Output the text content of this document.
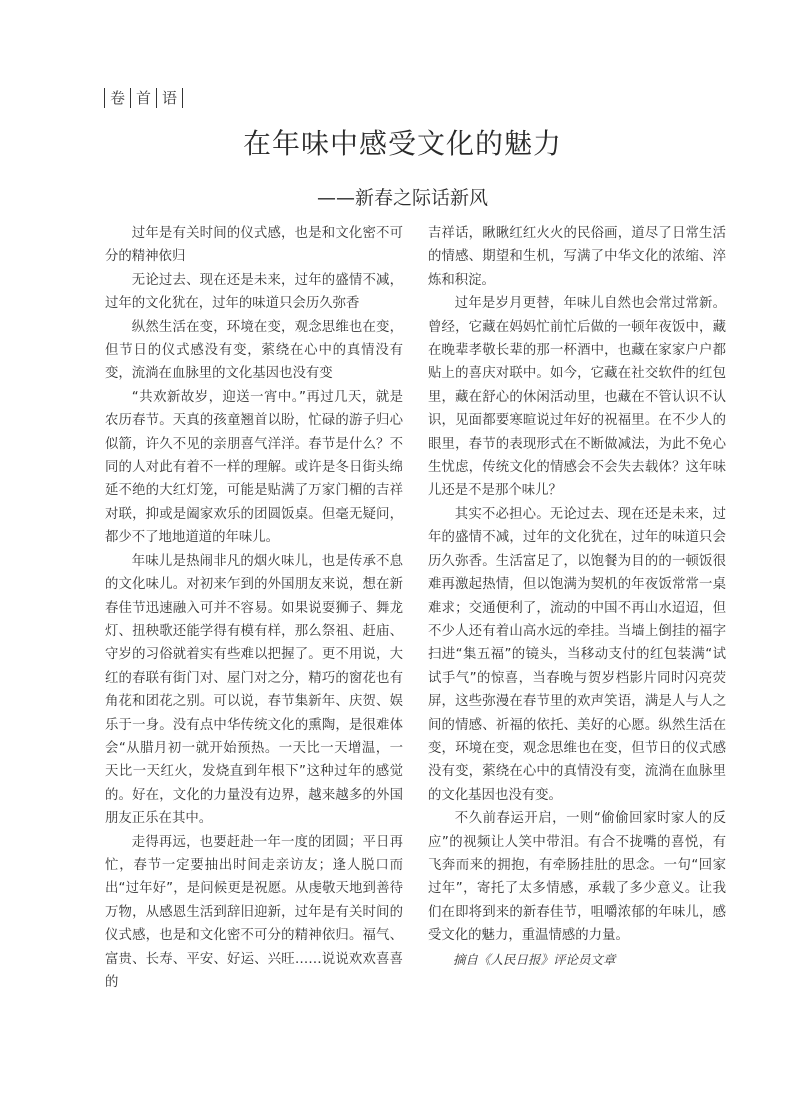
卷 首 语
在年味中感受文化的魅力
——新春之际话新风

过年是有关时间的仪式感，也是和文化密不可分的精神依归

无论过去、现在还是未来，过年的盛情不减，过年的文化犹在，过年的味道只会历久弥香

纵然生活在变，环境在变，观念思维也在变，但节日的仪式感没有变，萦绕在心中的真情没有变，流淌在血脉里的文化基因也没有变

“共欢新故岁，迎送一宵中。”再过几天，就是农历春节。天真的孩童翘首以盼，忙碌的游子归心似箭，许久不见的亲朋喜气洋洋。春节是什么？不同的人对此有着不一样的理解。或许是冬日街头绵延不绝的大红灯笼，可能是贴满了万家门楣的吉祥对联，抑或是阖家欢乐的团圆饭桌。但毫无疑问，都少不了地地道道的年味儿。

年味儿是热闹非凡的烟火味儿，也是传承不息的文化味儿。对初来乍到的外国朋友来说，想在新春佳节迅速融入可并不容易。如果说耍狮子、舞龙灯、扭秧歌还能学得有模有样，那么祭祖、赶庙、守岁的习俗就着实有些难以把握了。更不用说，大红的春联有街门对、屋门对之分，精巧的窗花也有角花和团花之别。可以说，春节集新年、庆贺、娱乐于一身。没有点中华传统文化的熏陶，是很难体会“从腊月初一就开始预热。一天比一天增温，一天比一天红火，发烧直到年根下”这种过年的感觉的。好在，文化的力量没有边界，越来越多的外国朋友正乐在其中。

走得再远，也要赶赴一年一度的团圆；平日再忙，春节一定要抽出时间走亲访友；逢人脱口而出“过年好”，是问候更是祝愿。从虔敬天地到善待万物，从感恩生活到辞旧迎新，过年是有关时间的仪式感，也是和文化密不可分的精神依归。福气、富贵、长寿、平安、好运、兴旺……说说欢欢喜喜的

吉祥话，瞅瞅红红火火的民俗画，道尽了日常生活的情感、期望和生机，写满了中华文化的浓缩、淬炼和积淀。

过年是岁月更替，年味儿自然也会常过常新。曾经，它藏在妈妈忙前忙后做的一顿年夜饭中，藏在晚辈孝敬长辈的那一杯酒中，也藏在家家户户都贴上的喜庆对联中。如今，它藏在社交软件的红包里，藏在舒心的休闲活动里，也藏在不管认识不认识，见面都要寒暄说过年好的祝福里。在不少人的眼里，春节的表现形式在不断做减法，为此不免心生忧虑，传统文化的情感会不会失去载体？这年味儿还是不是那个味儿？

其实不必担心。无论过去、现在还是未来，过年的盛情不减，过年的文化犹在，过年的味道只会历久弥香。生活富足了，以饱餐为目的的一顿饭很难再激起热情，但以饱满为契机的年夜饭常常一桌难求；交通便利了，流动的中国不再山水迢迢，但不少人还有着山高水远的牵挂。当墙上倒挂的福字扫进“集五福”的镜头，当移动支付的红包装满“试试手气”的惊喜，当春晚与贺岁档影片同时闪亮荧屏，这些弥漫在春节里的欢声笑语，满是人与人之间的情感、祈福的依托、美好的心愿。纵然生活在变，环境在变，观念思维也在变，但节日的仪式感没有变，萦绕在心中的真情没有变，流淌在血脉里的文化基因也没有变。

不久前春运开启，一则“偷偷回家时家人的反应”的视频让人笑中带泪。有合不拢嘴的喜悦，有飞奔而来的拥抱，有牵肠挂肚的思念。一句“回家过年”，寄托了太多情感，承载了多少意义。让我们在即将到来的新春佳节，咀嚼浓郁的年味儿，感受文化的魅力，重温情感的力量。

摘自《人民日报》评论员文章
